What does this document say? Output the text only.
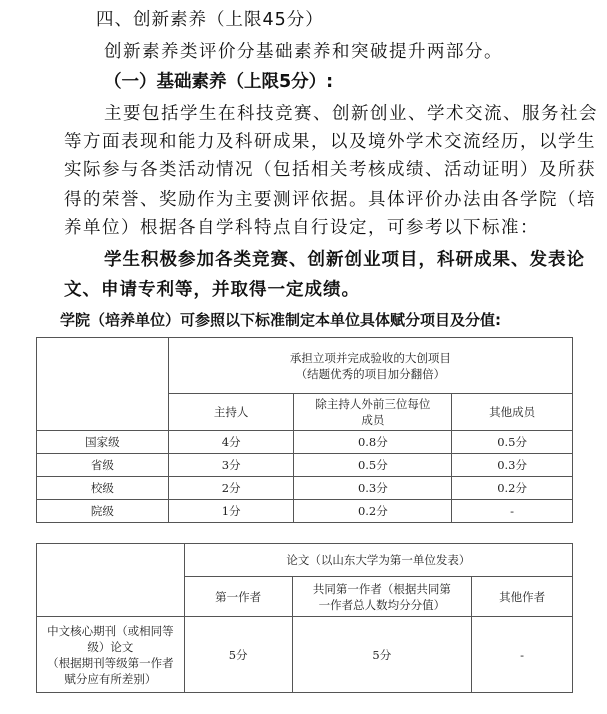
四、创新素养（上限45分）
创新素养类评价分基础素养和突破提升两部分。
（一）基础素养（上限5分）:
主要包括学生在科技竞赛、创新创业、学术交流、服务社会
等方面表现和能力及科研成果，以及境外学术交流经历，以学生
实际参与各类活动情况（包括相关考核成绩、活动证明）及所获
得的荣誉、奖励作为主要测评依据。具体评价办法由各学院（培
养单位）根据各自学科特点自行设定，可参考以下标准：
学生积极参加各类竞赛、创新创业项目，科研成果、发表论
文、申请专利等，并取得一定成绩。
学院（培养单位）可参照以下标准制定本单位具体赋分项目及分值:

	承担立项并完成验收的大创项目
（结题优秀的项目加分翻倍）		

	主持人	除主持人外前三位每位
成员	其他成员
国家级	4分	0.8分	0.5分
省级	3分	0.5分	0.3分
校级	2分	0.3分	0.2分
院级	1分	0.2分	-
	论文（以山东大学为第一单位发表）		
	第一作者	共同第一作者（根据共同第
一作者总人数均分分值）	其他作者

中文核心期刊（或相同等
级）论文
（根据期刊等级第一作者
赋分应有所差别）	5分	5分	-
